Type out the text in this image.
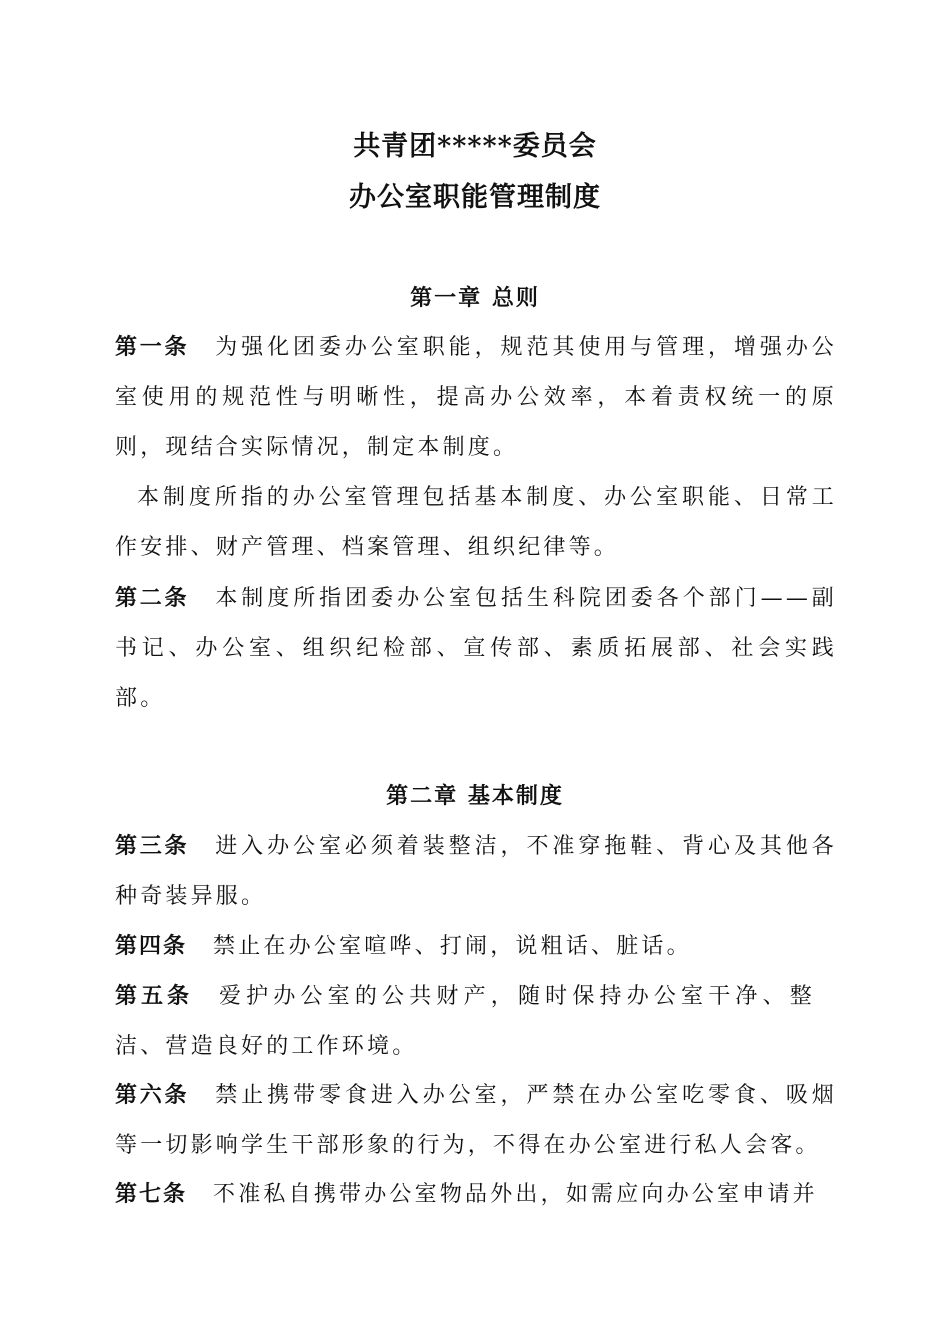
共青团*****委员会
办公室职能管理制度
第一章 总则
第一条 为强化团委办公室职能，规范其使用与管理，增强办公室使用的规范性与明晰性，提高办公效率，本着责权统一的原则，现结合实际情况，制定本制度。
本制度所指的办公室管理包括基本制度、办公室职能、日常工作安排、财产管理、档案管理、组织纪律等。
第二条 本制度所指团委办公室包括生科院团委各个部门——副书记、办公室、组织纪检部、宣传部、素质拓展部、社会实践部。
第二章 基本制度
第三条 进入办公室必须着装整洁，不准穿拖鞋、背心及其他各种奇装异服。
第四条 禁止在办公室喧哗、打闹，说粗话、脏话。
第五条 爱护办公室的公共财产，随时保持办公室干净、整洁、营造良好的工作环境。
第六条 禁止携带零食进入办公室，严禁在办公室吃零食、吸烟等一切影响学生干部形象的行为，不得在办公室进行私人会客。
第七条 不准私自携带办公室物品外出，如需应向办公室申请并
